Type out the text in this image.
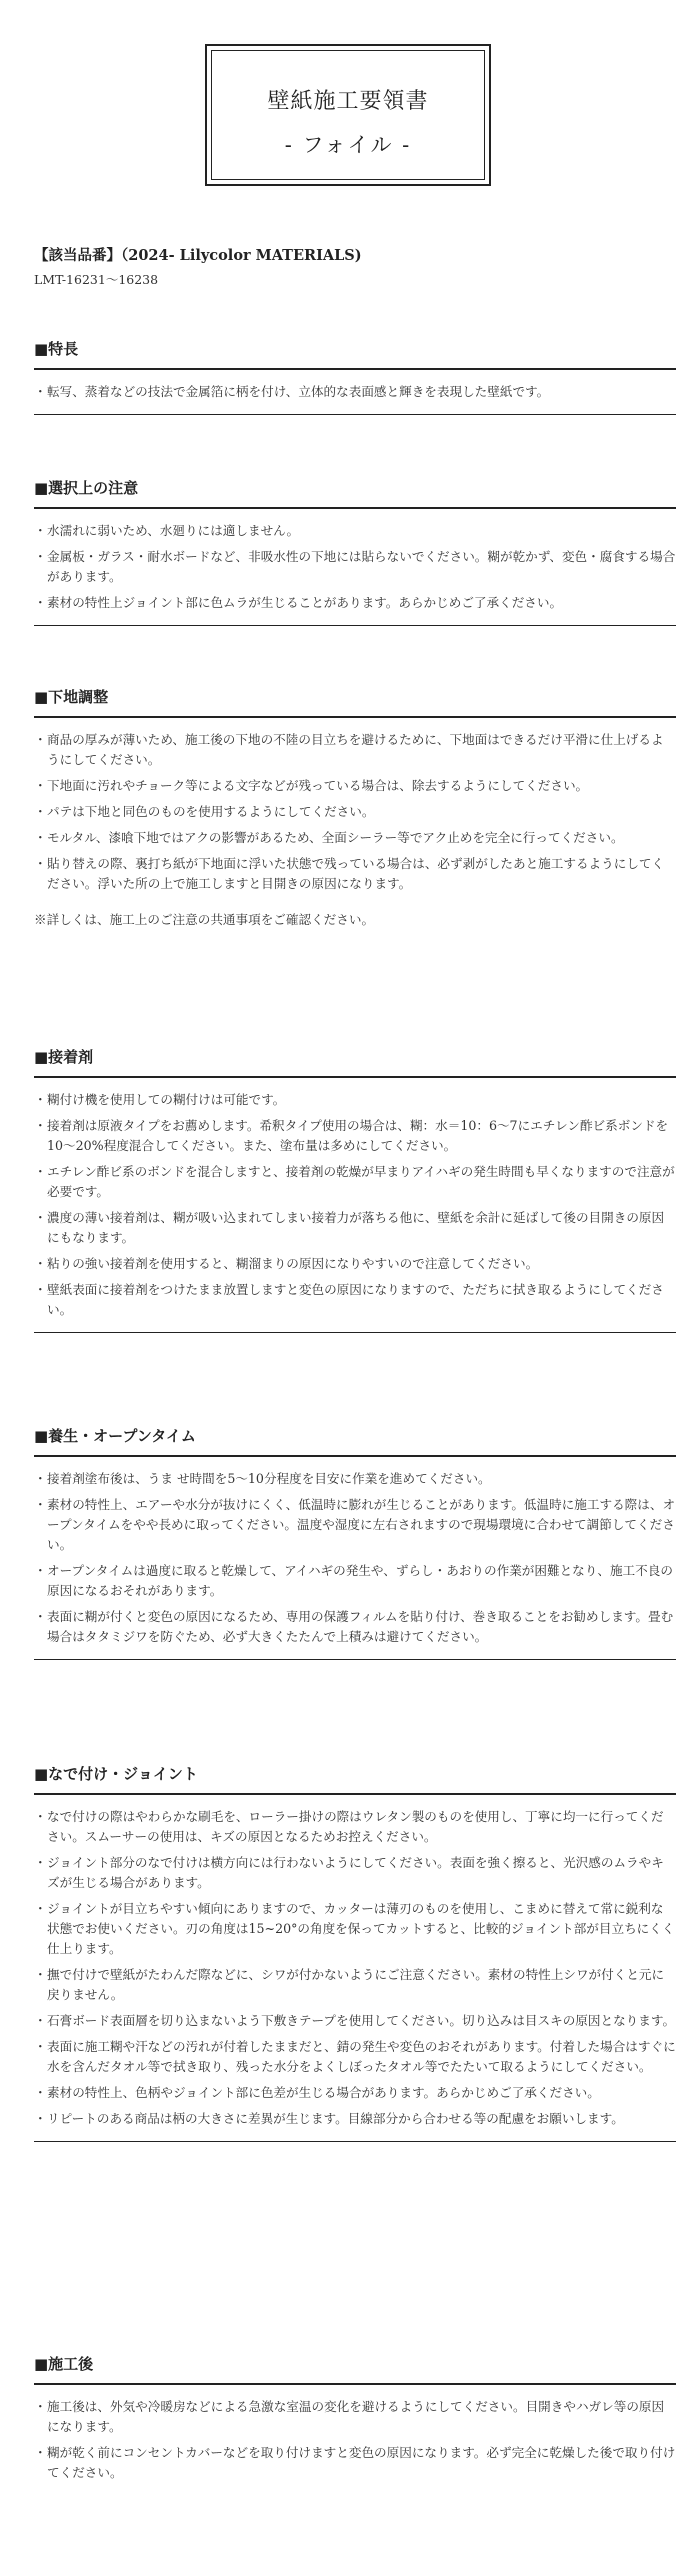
壁紙施工要領書
- フォイル -
【該当品番】（2024- Lilycolor MATERIALS)
LMT-16231～16238
■特長
・ 転写、蒸着などの技法で金属箔に柄を付け、立体的な表面感と輝きを表現した壁紙です。
■選択上の注意
・ 水濡れに弱いため、水廻りには適しません。
・ 金属板・ガラス・耐水ボードなど、非吸水性の下地には貼らないでください。糊が乾かず、変色・腐食する場合があります。
・ 素材の特性上ジョイント部に色ムラが生じることがあります。あらかじめご了承ください。
■下地調整
・ 商品の厚みが薄いため、施工後の下地の不陸の目立ちを避けるために、下地面はできるだけ平滑に仕上げるようにしてください。
・ 下地面に汚れやチョーク等による文字などが残っている場合は、除去するようにしてください。
・ パテは下地と同色のものを使用するようにしてください。
・ モルタル、漆喰下地ではアクの影響があるため、全面シーラー等でアク止めを完全に行ってください。
・ 貼り替えの際、裏打ち紙が下地面に浮いた状態で残っている場合は、必ず剥がしたあと施工するようにしてください。浮いた所の上で施工しますと目開きの原因になります。
※詳しくは、施工上のご注意の共通事項をご確認ください。
■接着剤
・ 糊付け機を使用しての糊付けは可能です。
・ 接着剤は原液タイプをお薦めします。希釈タイプ使用の場合は、糊：水＝10：6～7にエチレン酢ビ系ボンドを10～20%程度混合してください。また、塗布量は多めにしてください。
・ エチレン酢ビ系のボンドを混合しますと、接着剤の乾燥が早まりアイハギの発生時間も早くなりますので注意が必要です。
・ 濃度の薄い接着剤は、糊が吸い込まれてしまい接着力が落ちる他に、壁紙を余計に延ばして後の目開きの原因にもなります。
・ 粘りの強い接着剤を使用すると、糊溜まりの原因になりやすいので注意してください。
・ 壁紙表面に接着剤をつけたまま放置しますと変色の原因になりますので、ただちに拭き取るようにしてください。
■養生・オープンタイム
・ 接着剤塗布後は、うま せ時間を5～10分程度を目安に作業を進めてください。
・ 素材の特性上、エアーや水分が抜けにくく、低温時に膨れが生じることがあります。低温時に施工する際は、オープンタイムをやや長めに取ってください。温度や湿度に左右されますので現場環境に合わせて調節してください。
・ オープンタイムは過度に取ると乾燥して、アイハギの発生や、ずらし・あおりの作業が困難となり、施工不良の原因になるおそれがあります。
・ 表面に糊が付くと変色の原因になるため、専用の保護フィルムを貼り付け、巻き取ることをお勧めします。畳む場合はタタミジワを防ぐため、必ず大きくたたんで上積みは避けてください。
■なで付け・ジョイント
・ なで付けの際はやわらかな刷毛を、ローラー掛けの際はウレタン製のものを使用し、丁寧に均一に行ってください。スムーサーの使用は、キズの原因となるためお控えください。
・ ジョイント部分のなで付けは横方向には行わないようにしてください。表面を強く擦ると、光沢感のムラやキズが生じる場合があります。
・ ジョイントが目立ちやすい傾向にありますので、カッターは薄刃のものを使用し、こまめに替えて常に鋭利な状態でお使いください。刃の角度は15~20°の角度を保ってカットすると、比較的ジョイント部が目立ちにくく仕上ります。
・ 撫で付けで壁紙がたわんだ際などに、シワが付かないようにご注意ください。素材の特性上シワが付くと元に戻りません。
・ 石膏ボード表面層を切り込まないよう下敷きテープを使用してください。切り込みは目スキの原因となります。
・ 表面に施工糊や汗などの汚れが付着したままだと、錆の発生や変色のおそれがあります。付着した場合はすぐに水を含んだタオル等で拭き取り、残った水分をよくしぼったタオル等でたたいて取るようにしてください。
・ 素材の特性上、色柄やジョイント部に色差が生じる場合があります。あらかじめご了承ください。
・ リピートのある商品は柄の大きさに差異が生じます。目線部分から合わせる等の配慮をお願いします。
■施工後
・ 施工後は、外気や冷暖房などによる急激な室温の変化を避けるようにしてください。目開きやハガレ等の原因になります。
・ 糊が乾く前にコンセントカバーなどを取り付けますと変色の原因になります。必ず完全に乾燥した後で取り付けてください。
